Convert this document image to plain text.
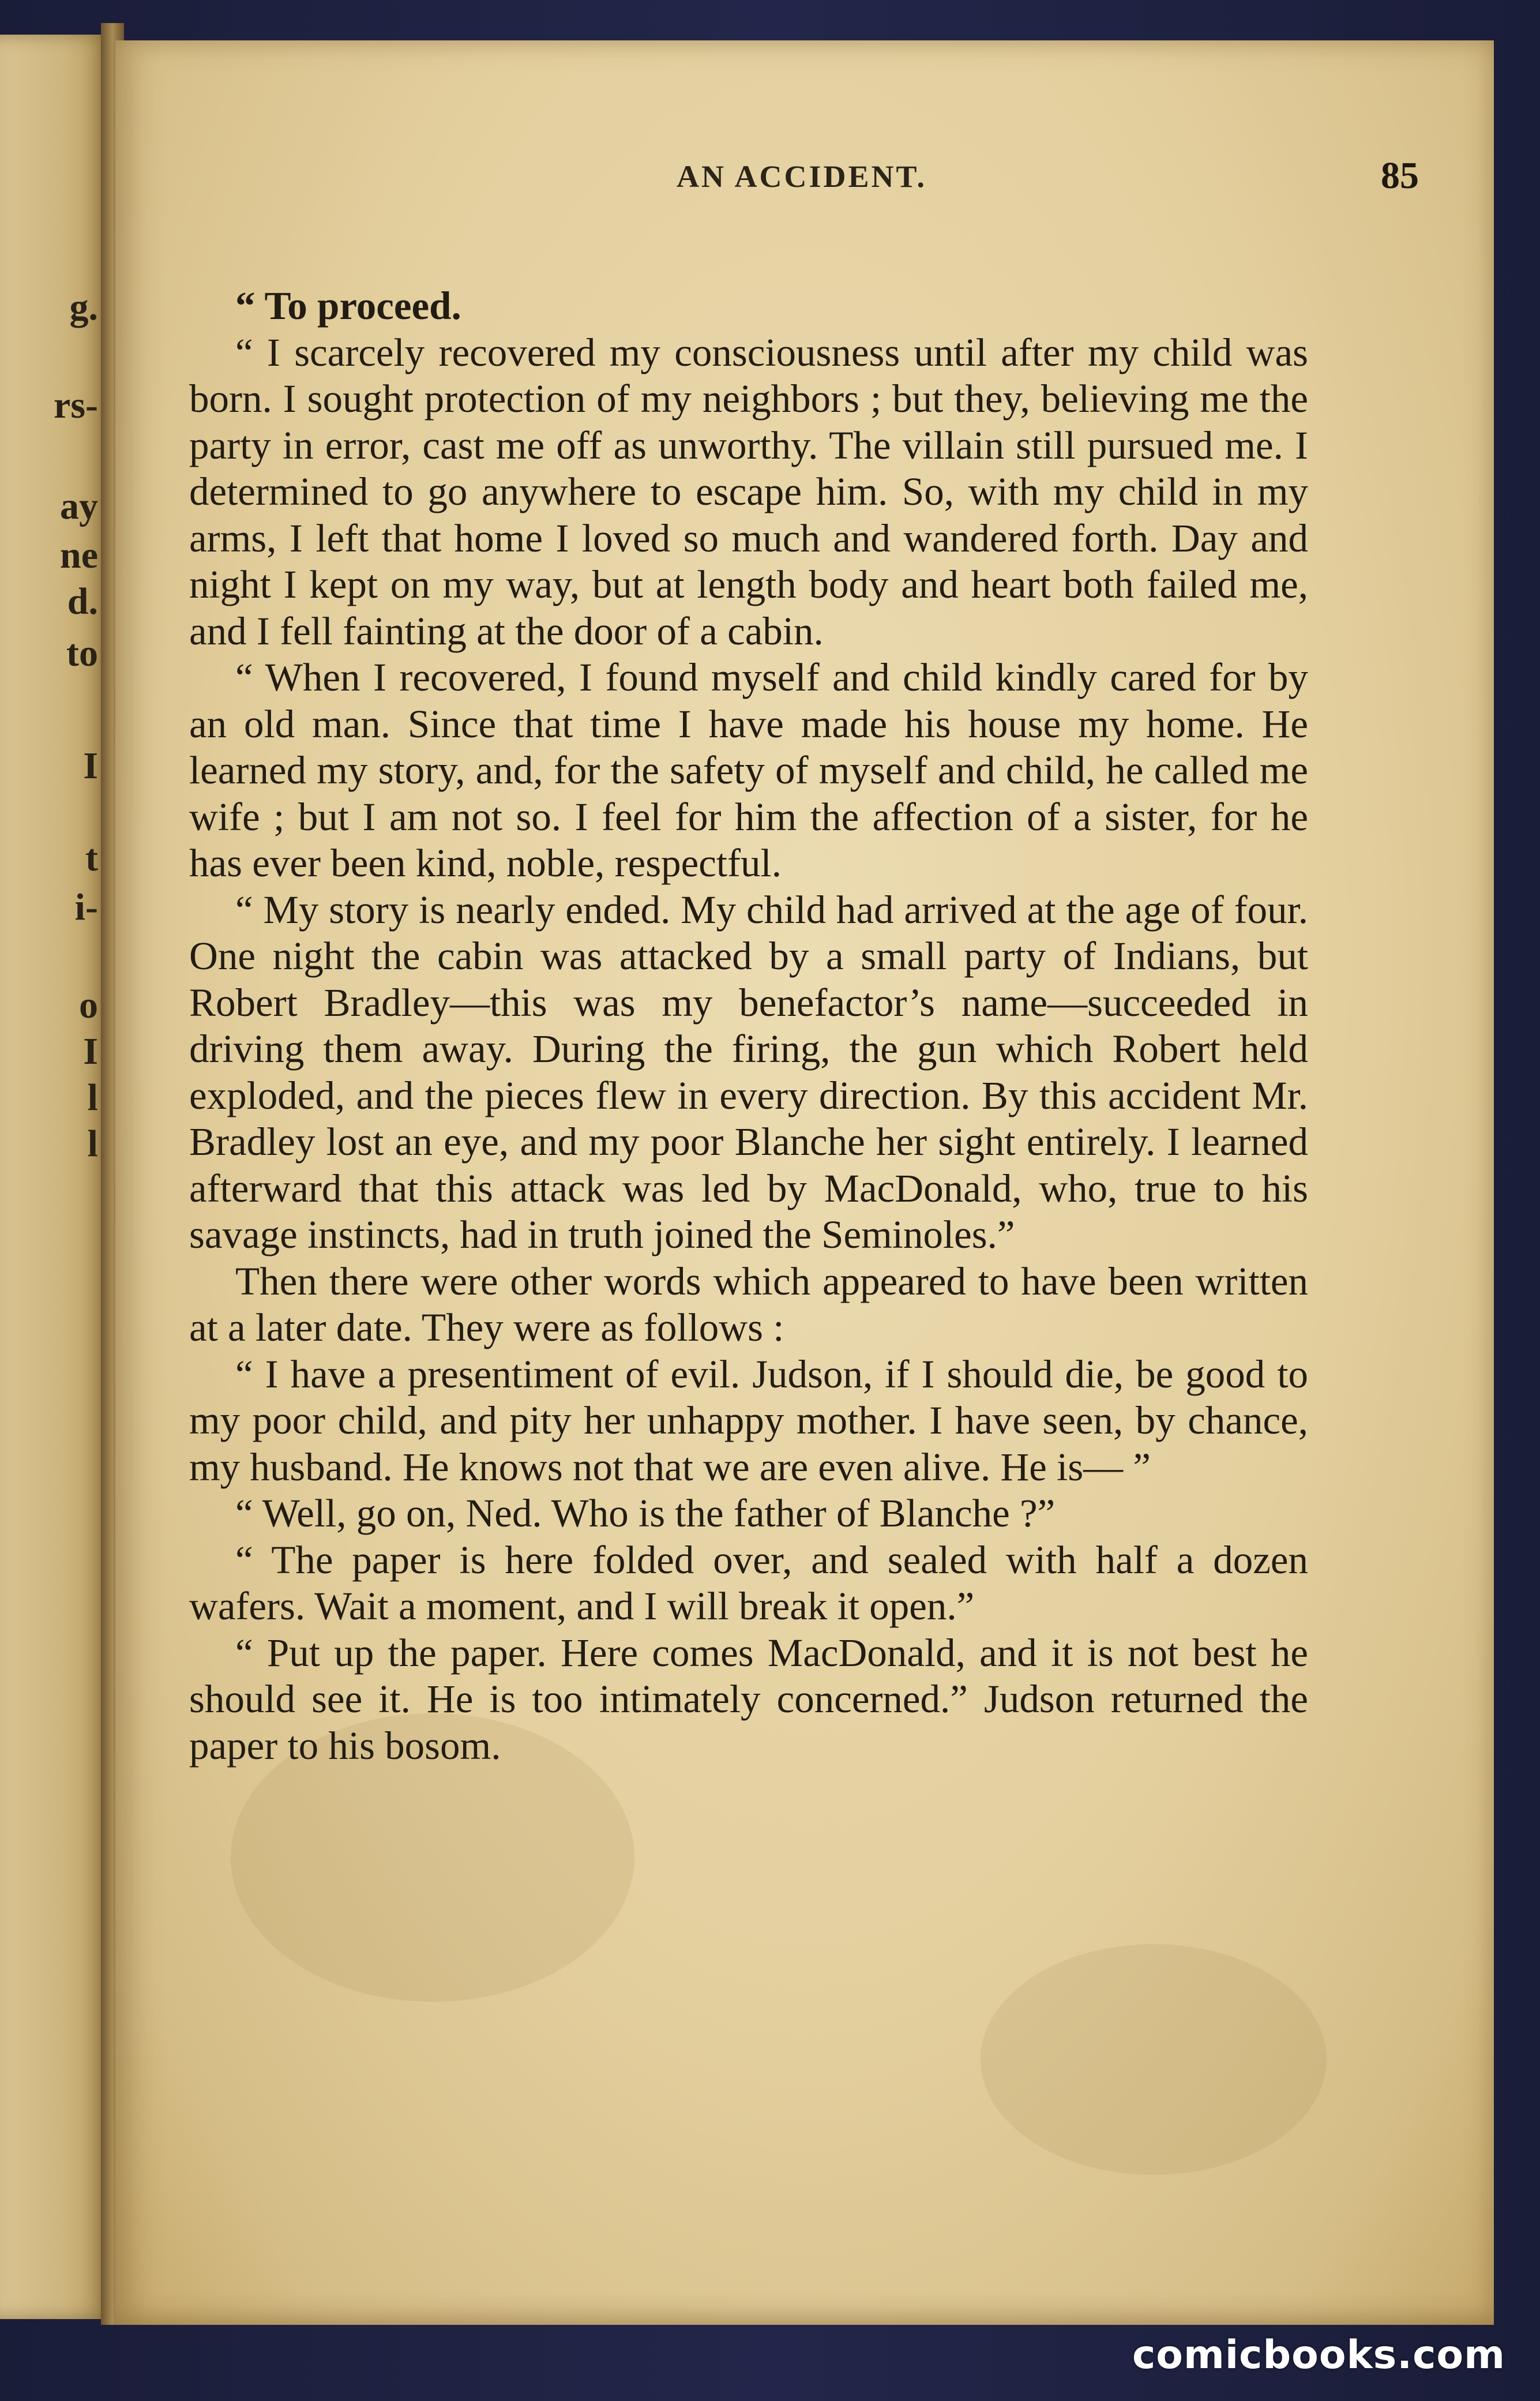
g.
rs-
ay
ne
d.
to
I
t
i-
o
I
l
l
AN ACCIDENT.	85

“ To proceed.

“ I scarcely recovered my consciousness until after my child was born. I sought protection of my neighbors ; but they, believing me the party in error, cast me off as unworthy. The villain still pursued me. I determined to go anywhere to escape him. So, with my child in my arms, I left that home I loved so much and wandered forth. Day and night I kept on my way, but at length body and heart both failed me, and I fell fainting at the door of a cabin.

“ When I recovered, I found myself and child kindly cared for by an old man. Since that time I have made his house my home. He learned my story, and, for the safety of myself and child, he called me wife ; but I am not so. I feel for him the affection of a sister, for he has ever been kind, noble, respectful.

“ My story is nearly ended. My child had arrived at the age of four. One night the cabin was attacked by a small party of Indians, but Robert Bradley—this was my benefactor’s name—succeeded in driving them away. During the firing, the gun which Robert held exploded, and the pieces flew in every direction. By this accident Mr. Bradley lost an eye, and my poor Blanche her sight entirely. I learned afterward that this attack was led by MacDonald, who, true to his savage instincts, had in truth joined the Seminoles.”

Then there were other words which appeared to have been written at a later date. They were as follows :

“ I have a presentiment of evil. Judson, if I should die, be good to my poor child, and pity her unhappy mother. I have seen, by chance, my husband. He knows not that we are even alive. He is— ”

“ Well, go on, Ned. Who is the father of Blanche ?”

“ The paper is here folded over, and sealed with half a dozen wafers. Wait a moment, and I will break it open.”

“ Put up the paper. Here comes MacDonald, and it is not best he should see it. He is too intimately concerned.” Judson returned the paper to his bosom.

comicbooks.com
